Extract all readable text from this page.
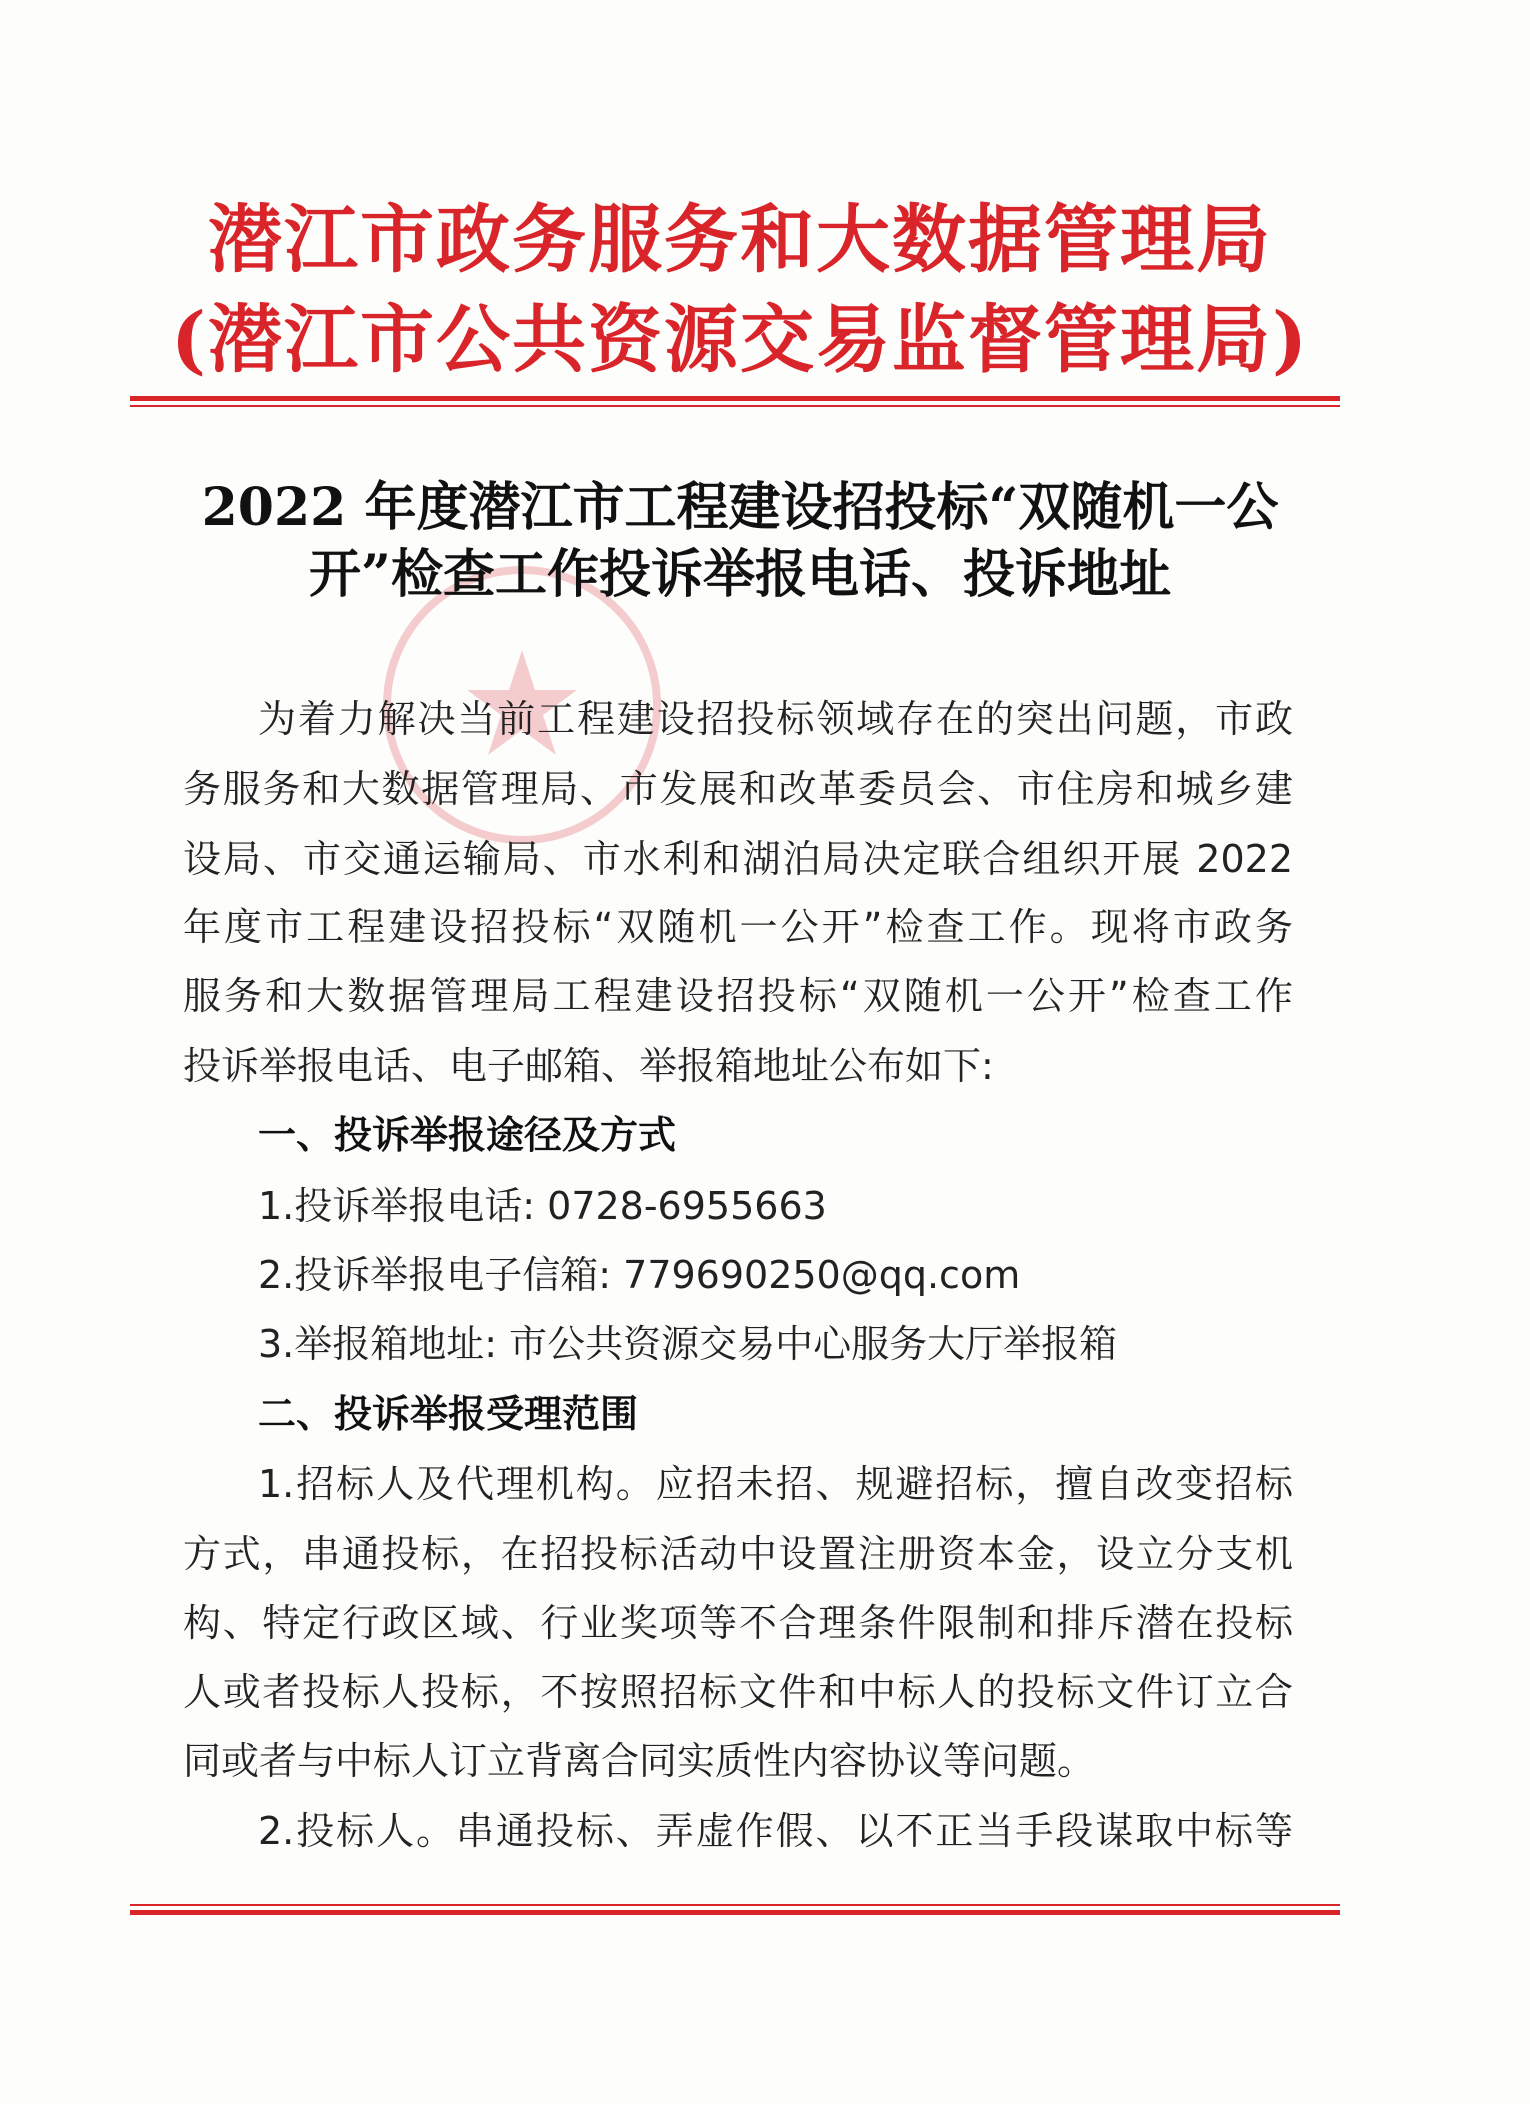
潜江市政务服务和大数据管理局
(潜江市公共资源交易监督管理局)
2022 年度潜江市工程建设招投标“双随机一公
开”检查工作投诉举报电话、投诉地址
为着力解决当前工程建设招投标领域存在的突出问题，市政
务服务和大数据管理局、市发展和改革委员会、市住房和城乡建
设局、市交通运输局、市水利和湖泊局决定联合组织开展 2022
年度市工程建设招投标“双随机一公开”检查工作。现将市政务
服务和大数据管理局工程建设招投标“双随机一公开”检查工作
投诉举报电话、电子邮箱、举报箱地址公布如下:
一、投诉举报途径及方式
1.投诉举报电话: 0728-6955663
2.投诉举报电子信箱: 779690250@qq.com
3.举报箱地址: 市公共资源交易中心服务大厅举报箱
二、投诉举报受理范围
1.招标人及代理机构。应招未招、规避招标，擅自改变招标
方式，串通投标，在招投标活动中设置注册资本金，设立分支机
构、特定行政区域、行业奖项等不合理条件限制和排斥潜在投标
人或者投标人投标，不按照招标文件和中标人的投标文件订立合
同或者与中标人订立背离合同实质性内容协议等问题。
2.投标人。串通投标、弄虚作假、以不正当手段谋取中标等
